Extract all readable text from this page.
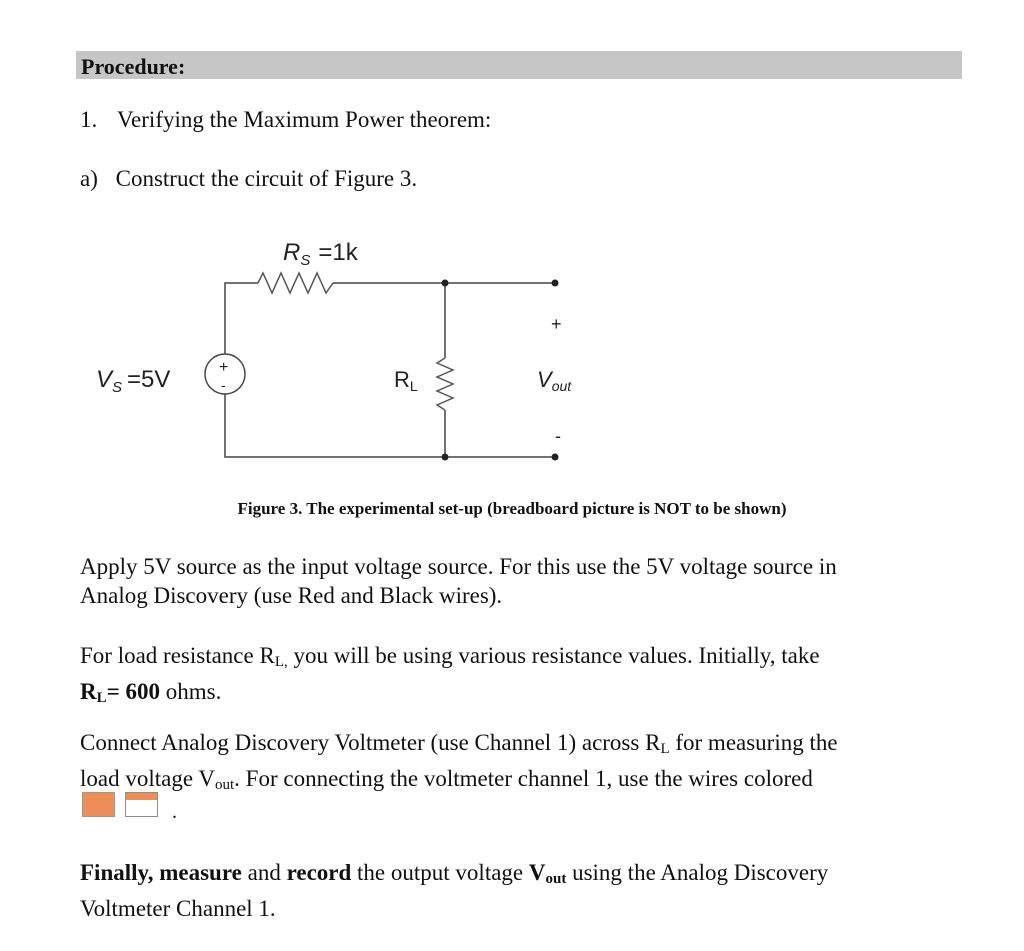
Procedure:
1. Verifying the Maximum Power theorem:
a) Construct the circuit of Figure 3.
+
-
$R_S =1k$
$V_S =5V$	RL
+
Vout
-
Figure 3. The experimental set-up (breadboard picture is NOT to be shown)
Apply 5V source as the input voltage source. For this use the 5V voltage source in
Analog Discovery (use Red and Black wires).
For load resistance $R_{L,}$ you will be using various resistance values. Initially, take
$R_L= 600$ ohms.
Connect Analog Discovery Voltmeter (use Channel 1) across $R_L$ for measuring the
load voltage $V_{out}$. For connecting the voltmeter channel 1, use the wires colored
.
Finally, measure and record the output voltage $V_{out}$ using the Analog Discovery
Voltmeter Channel 1.
